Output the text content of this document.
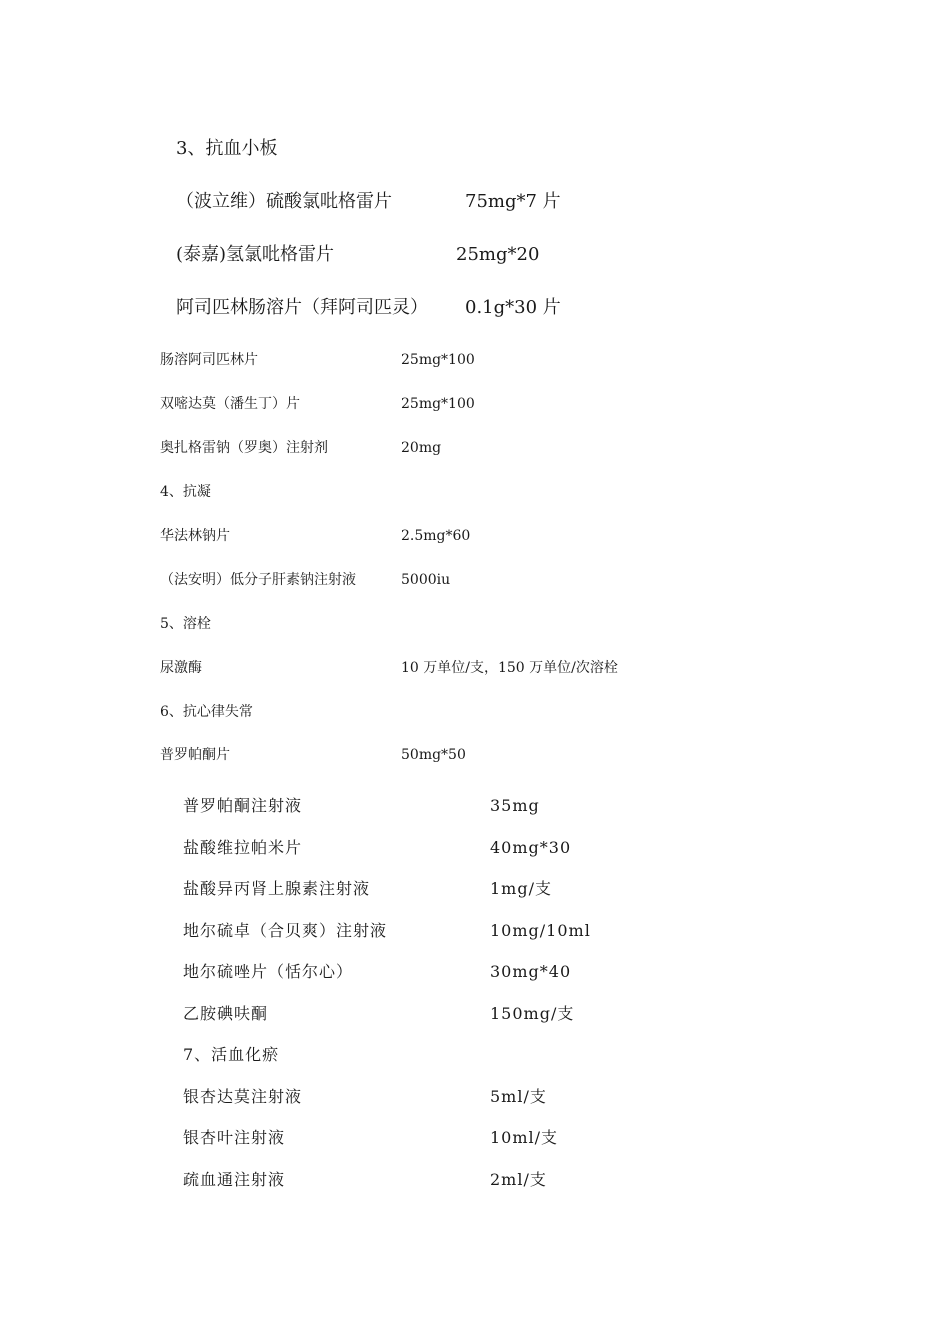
3、抗血小板
（波立维）硫酸氯吡格雷片	75mg*7 片
(泰嘉)氢氯吡格雷片	25mg*20
阿司匹林肠溶片（拜阿司匹灵） 0.1g*30 片
肠溶阿司匹林片	25mg*100
双嘧达莫（潘生丁）片	25mg*100
奥扎格雷钠（罗奥）注射剂	20mg
4、抗凝
华法林钠片	2.5mg*60
（法安明）低分子肝素钠注射液	5000iu
5、溶栓
尿激酶	10 万单位/支，150 万单位/次溶栓
6、抗心律失常
普罗帕酮片	50mg*50
普罗帕酮注射液	35mg
盐酸维拉帕米片	40mg*30
盐酸异丙肾上腺素注射液	1mg/支
地尔硫卓（合贝爽）注射液	10mg/10ml
地尔硫唑片（恬尔心）	30mg*40
乙胺碘呋酮	150mg/支
7、活血化瘀
银杏达莫注射液	5ml/支
银杏叶注射液	10ml/支
疏血通注射液	2ml/支
